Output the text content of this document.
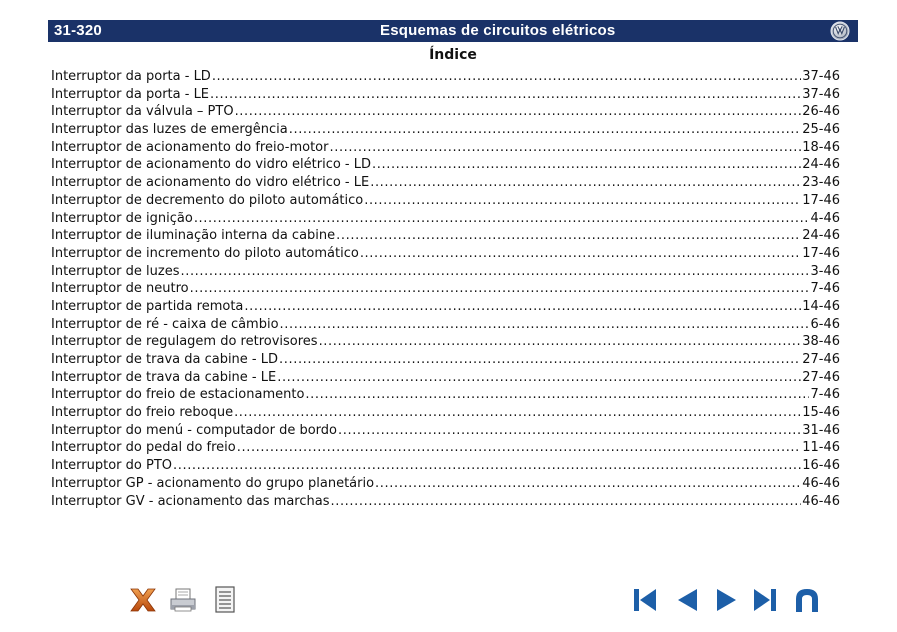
31-320	Esquemas de circuitos elétricos
Índice
Interruptor da porta - LD .....	37-46
Interruptor da porta - LE .....	37-46
Interruptor da válvula – PTO .....	26-46
Interruptor das luzes de emergência .....	25-46
Interruptor de acionamento do freio-motor .....	18-46
Interruptor de acionamento do vidro elétrico - LD .....	24-46
Interruptor de acionamento do vidro elétrico - LE .....	23-46
Interruptor de decremento do piloto automático .....	17-46
Interruptor de ignição .....	4-46
Interruptor de iluminação interna da cabine .....	24-46
Interruptor de incremento do piloto automático .....	17-46
Interruptor de luzes .....	3-46
Interruptor de neutro .....	7-46
Interruptor de partida remota .....	14-46
Interruptor de ré - caixa de câmbio .....	6-46
Interruptor de regulagem do retrovisores .....	38-46
Interruptor de trava da cabine - LD .....	27-46
Interruptor de trava da cabine - LE .....	27-46
Interruptor do freio de estacionamento .....	7-46
Interruptor do freio reboque .....	15-46
Interruptor do menú - computador de bordo .....	31-46
Interruptor do pedal do freio .....	11-46
Interruptor do PTO .....	16-46
Interruptor GP - acionamento do grupo planetário .....	46-46
Interruptor GV - acionamento das marchas .....	46-46
